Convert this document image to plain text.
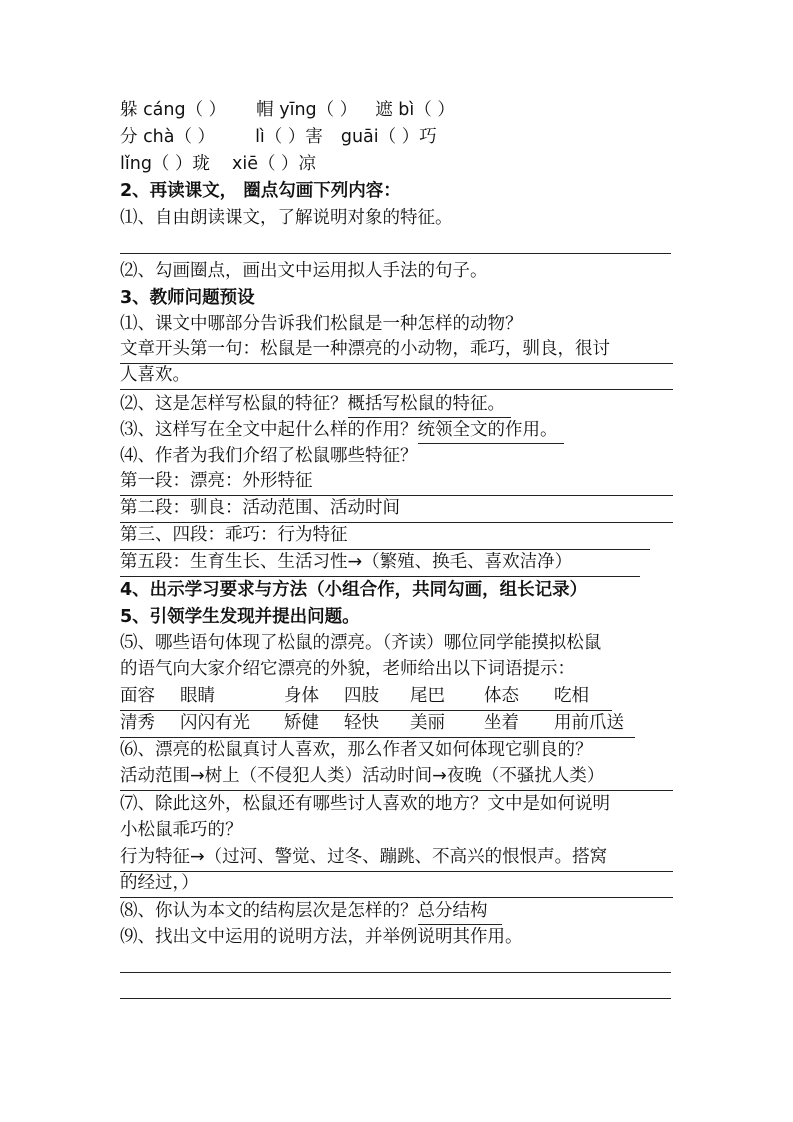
躲 cáng（ ） 帽 yīng（ ） 遮 bì（ ）
分 chà（ ） lì（ ）害 guāi（ ）巧
lǐng（ ）珑 xiē（ ）凉
2、再读课文， 圈点勾画下列内容：
⑴、自由朗读课文，了解说明对象的特征。
⑵、勾画圈点，画出文中运用拟人手法的句子。
3、教师问题预设
⑴、课文中哪部分告诉我们松鼠是一种怎样的动物？
文章开头第一句：松鼠是一种漂亮的小动物，乖巧，驯良，很讨
人喜欢。
⑵、这是怎样写松鼠的特征？概括写松鼠的特征。
⑶、这样写在全文中起什么样的作用？统领全文的作用。
⑷、作者为我们介绍了松鼠哪些特征？
第一段：漂亮：外形特征
第二段：驯良：活动范围、活动时间
第三、四段：乖巧：行为特征
第五段：生育生长、生活习性→（繁殖、换毛、喜欢洁净）
4、出示学习要求与方法（小组合作，共同勾画，组长记录）
5、引领学生发现并提出问题。
⑸、哪些语句体现了松鼠的漂亮。（齐读）哪位同学能摸拟松鼠
的语气向大家介绍它漂亮的外貌，老师给出以下词语提示：
面容	眼睛	身体	四肢	尾巴	体态	吃相
清秀	闪闪有光	矫健	轻快	美丽	坐着	用前爪送
⑹、漂亮的松鼠真讨人喜欢，那么作者又如何体现它驯良的？
活动范围→树上（不侵犯人类）活动时间→夜晚（不骚扰人类）
⑺、除此这外，松鼠还有哪些讨人喜欢的地方？文中是如何说明
小松鼠乖巧的？
行为特征→（过河、警觉、过冬、蹦跳、不高兴的恨恨声。搭窝
的经过，）
⑻、你认为本文的结构层次是怎样的？总分结构
⑼、找出文中运用的说明方法，并举例说明其作用。
